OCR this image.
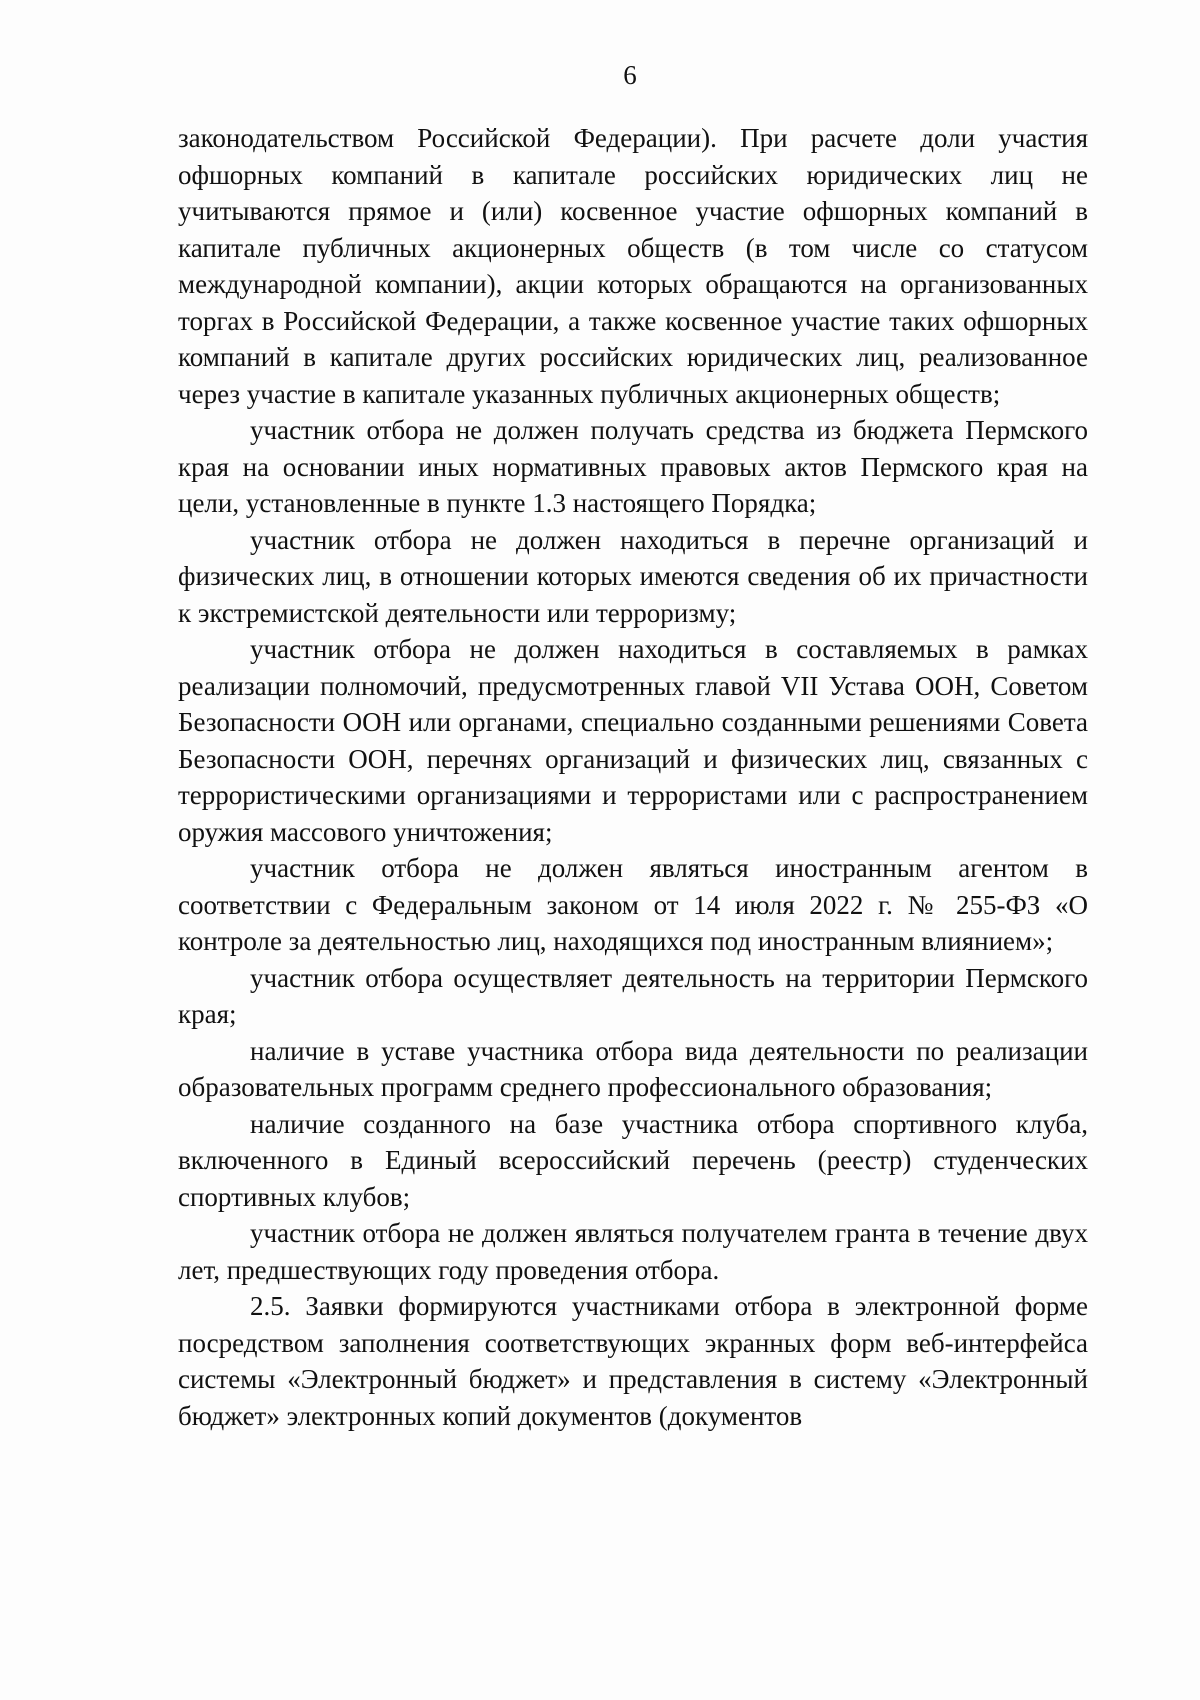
6

законодательством Российской Федерации). При расчете доли участия офшорных компаний в капитале российских юридических лиц не учитываются прямое и (или) косвенное участие офшорных компаний в капитале публичных акционерных обществ (в том числе со статусом международной компании), акции которых обращаются на организованных торгах в Российской Федерации, а также косвенное участие таких офшорных компаний в капитале других российских юридических лиц, реализованное через участие в капитале указанных публичных акционерных обществ;

участник отбора не должен получать средства из бюджета Пермского края на основании иных нормативных правовых актов Пермского края на цели, установленные в пункте 1.3 настоящего Порядка;

участник отбора не должен находиться в перечне организаций и физических лиц, в отношении которых имеются сведения об их причастности к экстремистской деятельности или терроризму;

участник отбора не должен находиться в составляемых в рамках реализации полномочий, предусмотренных главой VII Устава ООН, Советом Безопасности ООН или органами, специально созданными решениями Совета Безопасности ООН, перечнях организаций и физических лиц, связанных с террористическими организациями и террористами или с распространением оружия массового уничтожения;

участник отбора не должен являться иностранным агентом в соответствии с Федеральным законом от 14 июля 2022 г. № 255-ФЗ «О контроле за деятельностью лиц, находящихся под иностранным влиянием»;

участник отбора осуществляет деятельность на территории Пермского края;

наличие в уставе участника отбора вида деятельности по реализации образовательных программ среднего профессионального образования;

наличие созданного на базе участника отбора спортивного клуба, включенного в Единый всероссийский перечень (реестр) студенческих спортивных клубов;

участник отбора не должен являться получателем гранта в течение двух лет, предшествующих году проведения отбора.

2.5. Заявки формируются участниками отбора в электронной форме посредством заполнения соответствующих экранных форм веб-интерфейса системы «Электронный бюджет» и представления в систему «Электронный бюджет» электронных копий документов (документов
